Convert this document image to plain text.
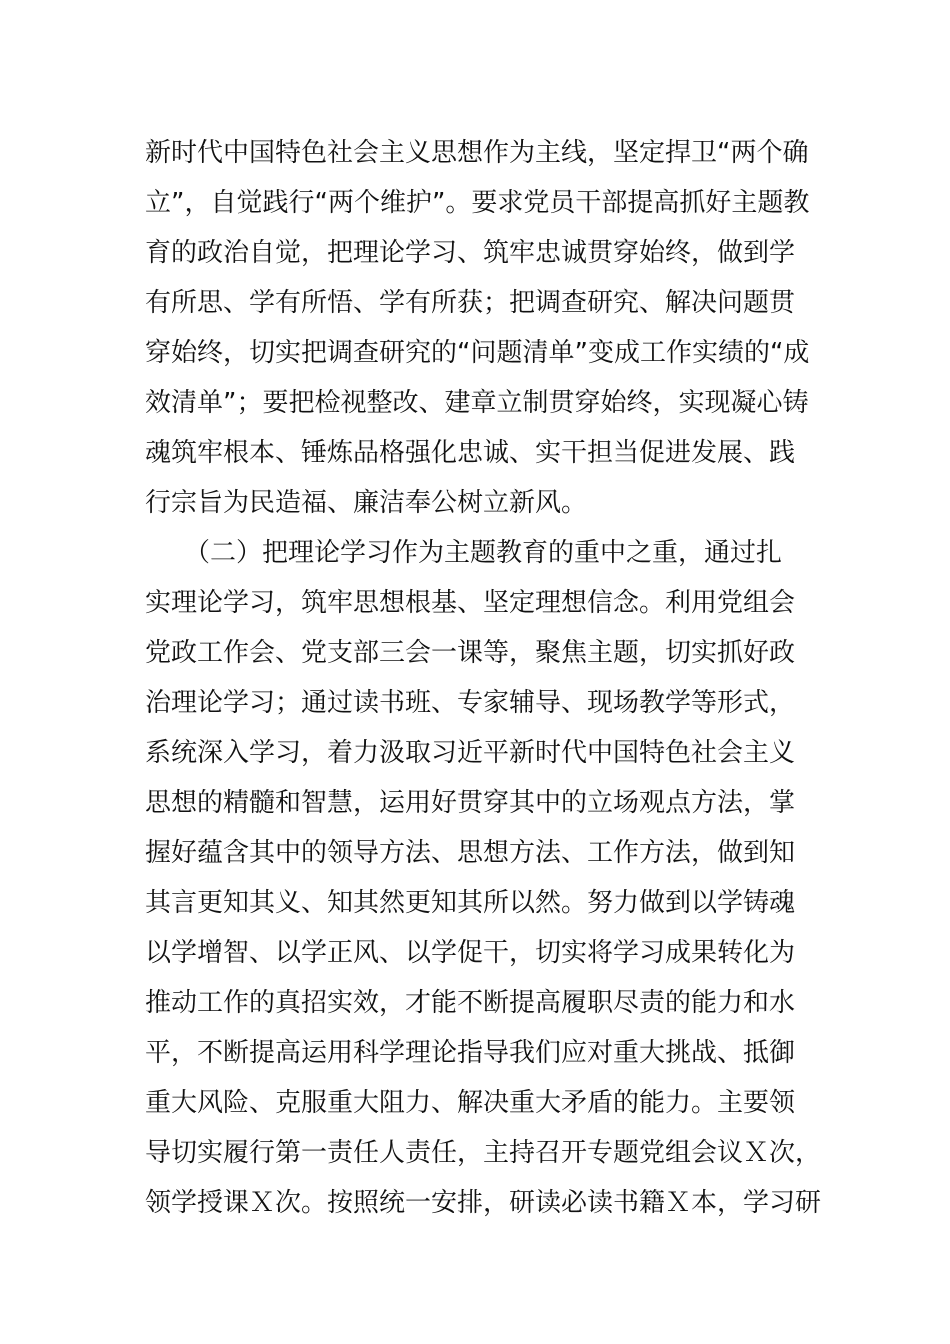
新时代中国特色社会主义思想作为主线，坚定捍卫“两个确
立”，自觉践行“两个维护”。要求党员干部提高抓好主题教
育的政治自觉，把理论学习、筑牢忠诚贯穿始终，做到学
有所思、学有所悟、学有所获；把调查研究、解决问题贯
穿始终，切实把调查研究的“问题清单”变成工作实绩的“成
效清单”；要把检视整改、建章立制贯穿始终，实现凝心铸
魂筑牢根本、锤炼品格强化忠诚、实干担当促进发展、践
行宗旨为民造福、廉洁奉公树立新风。
　　（二）把理论学习作为主题教育的重中之重，通过扎
实理论学习，筑牢思想根基、坚定理想信念。利用党组会
党政工作会、党支部三会一课等，聚焦主题，切实抓好政
治理论学习；通过读书班、专家辅导、现场教学等形式，
系统深入学习，着力汲取习近平新时代中国特色社会主义
思想的精髓和智慧，运用好贯穿其中的立场观点方法，掌
握好蕴含其中的领导方法、思想方法、工作方法，做到知
其言更知其义、知其然更知其所以然。努力做到以学铸魂
以学增智、以学正风、以学促干，切实将学习成果转化为
推动工作的真招实效，才能不断提高履职尽责的能力和水
平，不断提高运用科学理论指导我们应对重大挑战、抵御
重大风险、克服重大阻力、解决重大矛盾的能力。主要领
导切实履行第一责任人责任，主持召开专题党组会议Ｘ次，
领学授课Ｘ次。按照统一安排，研读必读书籍Ｘ本，学习研
